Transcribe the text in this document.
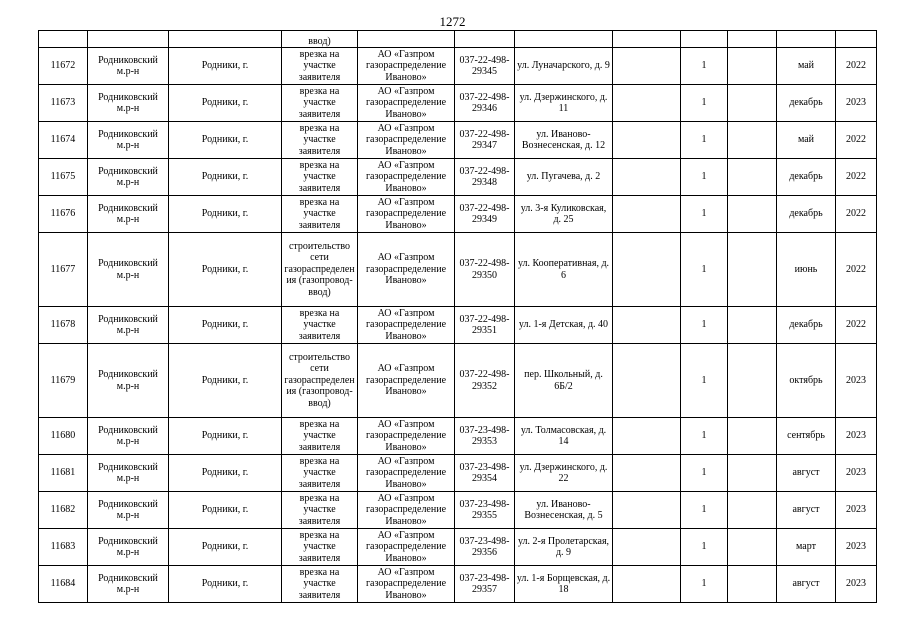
1272
			ввод)								
11672	Родниковский м.р-н	Родники, г.	врезка на участке заявителя	АО «Газпром газораспределение Иваново»	037-22-498-29345	ул. Луначарского, д. 9		1		май	2022
11673	Родниковский м.р-н	Родники, г.	врезка на участке заявителя	АО «Газпром газораспределение Иваново»	037-22-498-29346	ул. Дзержинского, д. 11		1		декабрь	2023
11674	Родниковский м.р-н	Родники, г.	врезка на участке заявителя	АО «Газпром газораспределение Иваново»	037-22-498-29347	ул. Иваново-Вознесенская, д. 12		1		май	2022
11675	Родниковский м.р-н	Родники, г.	врезка на участке заявителя	АО «Газпром газораспределение Иваново»	037-22-498-29348	ул. Пугачева, д. 2		1		декабрь	2022
11676	Родниковский м.р-н	Родники, г.	врезка на участке заявителя	АО «Газпром газораспределение Иваново»	037-22-498-29349	ул. 3-я Куликовская, д. 25		1		декабрь	2022
11677	Родниковский м.р-н	Родники, г.	строительство сети газораспределения (газопровод-ввод)	АО «Газпром газораспределение Иваново»	037-22-498-29350	ул. Кооперативная, д. 6		1		июнь	2022
11678	Родниковский м.р-н	Родники, г.	врезка на участке заявителя	АО «Газпром газораспределение Иваново»	037-22-498-29351	ул. 1-я Детская, д. 40		1		декабрь	2022
11679	Родниковский м.р-н	Родники, г.	строительство сети газораспределения (газопровод-ввод)	АО «Газпром газораспределение Иваново»	037-22-498-29352	пер. Школьный, д. 6Б/2		1		октябрь	2023
11680	Родниковский м.р-н	Родники, г.	врезка на участке заявителя	АО «Газпром газораспределение Иваново»	037-23-498-29353	ул. Толмасовская, д. 14		1		сентябрь	2023
11681	Родниковский м.р-н	Родники, г.	врезка на участке заявителя	АО «Газпром газораспределение Иваново»	037-23-498-29354	ул. Дзержинского, д. 22		1		август	2023
11682	Родниковский м.р-н	Родники, г.	врезка на участке заявителя	АО «Газпром газораспределение Иваново»	037-23-498-29355	ул. Иваново-Вознесенская, д. 5		1		август	2023
11683	Родниковский м.р-н	Родники, г.	врезка на участке заявителя	АО «Газпром газораспределение Иваново»	037-23-498-29356	ул. 2-я Пролетарская, д. 9		1		март	2023
11684	Родниковский м.р-н	Родники, г.	врезка на участке заявителя	АО «Газпром газораспределение Иваново»	037-23-498-29357	ул. 1-я Борщевская, д. 18		1		август	2023
